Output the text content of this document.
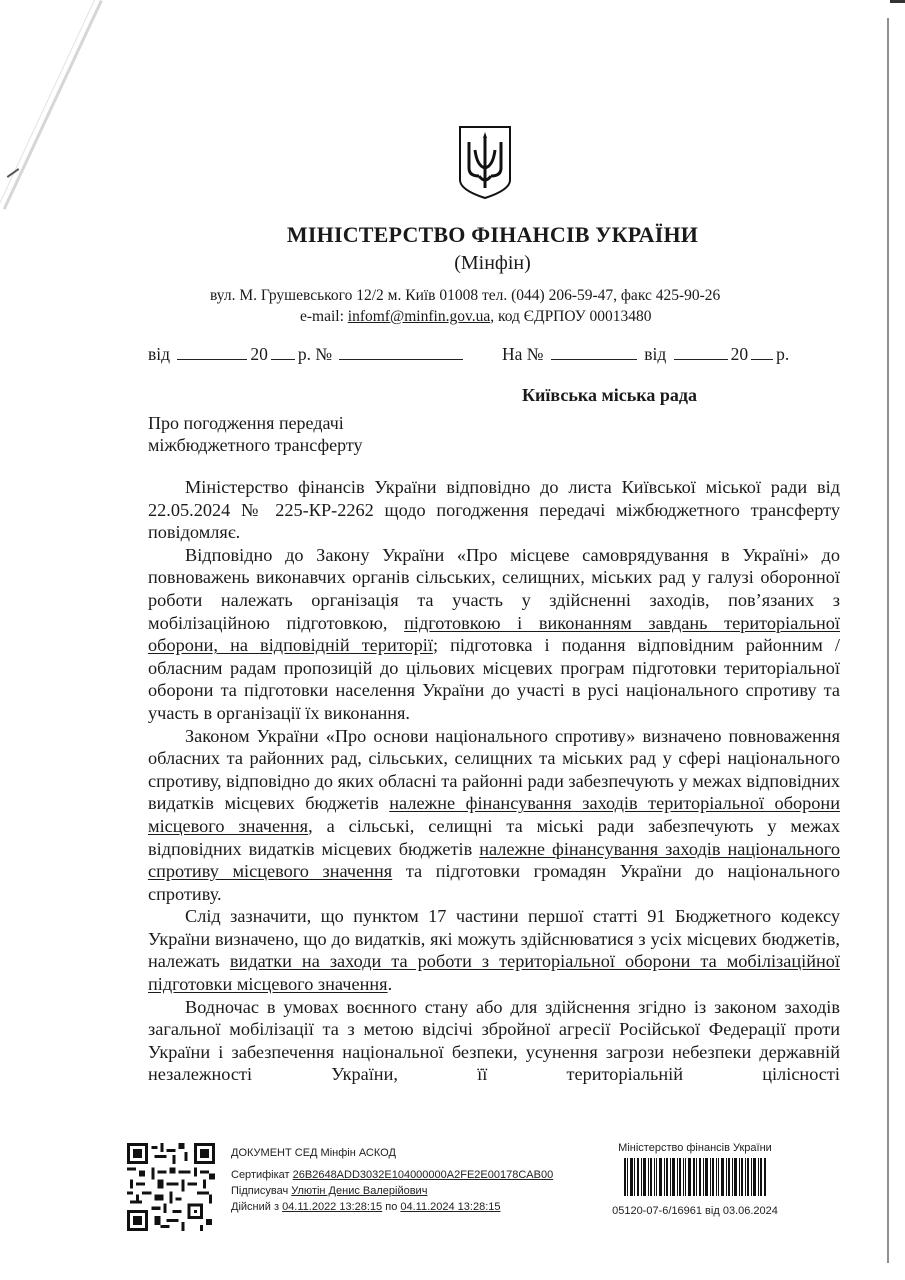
МІНІСТЕРСТВО ФІНАНСІВ УКРАЇНИ
(Мінфін)
вул. М. Грушевського 12/2 м. Київ 01008 тел. (044) 206-59-47, факс 425-90-26
e-mail: infomf@minfin.gov.ua, код ЄДРПОУ 00013480
від	20 р. №	На №	від	20 р.
Київська міська рада
Про погодження передачі
міжбюджетного трансферту

Міністерство фінансів України відповідно до листа Київської міської ради від 22.05.2024 № 225-КР-2262 щодо погодження передачі міжбюджетного трансферту повідомляє.

Відповідно до Закону України «Про місцеве самоврядування в Україні» до повноважень виконавчих органів сільських, селищних, міських рад у галузі оборонної роботи належать організація та участь у здійсненні заходів, пов’язаних з мобілізаційною підготовкою, підготовкою і виконанням завдань територіальної оборони, на відповідній території; підготовка і подання відповідним районним / обласним радам пропозицій до цільових місцевих програм підготовки територіальної оборони та підготовки населення України до участі в русі національного спротиву та участь в організації їх виконання.

Законом України «Про основи національного спротиву» визначено повноваження обласних та районних рад, сільських, селищних та міських рад у сфері національного спротиву, відповідно до яких обласні та районні ради забезпечують у межах відповідних видатків місцевих бюджетів належне фінансування заходів територіальної оборони місцевого значення, а сільські, селищні та міські ради забезпечують у межах відповідних видатків місцевих бюджетів належне фінансування заходів національного спротиву місцевого значення та підготовки громадян України до національного спротиву.

Слід зазначити, що пунктом 17 частини першої статті 91 Бюджетного кодексу України визначено, що до видатків, які можуть здійснюватися з усіх місцевих бюджетів, належать видатки на заходи та роботи з територіальної оборони та мобілізаційної підготовки місцевого значення.

Водночас в умовах воєнного стану або для здійснення згідно із законом заходів загальної мобілізації та з метою відсічі збройної агресії Російської Федерації проти України і забезпечення національної безпеки, усунення загрози небезпеки державній незалежності України, її територіальній цілісності

ДОКУМЕНТ СЕД Мінфін АСКОД
Сертифікат 26B2648ADD3032E104000000A2FE2E00178CAB00
Підписувач Улютін Денис Валерійович
Дійсний з 04.11.2022 13:28:15 по 04.11.2024 13:28:15
Міністерство фінансів України
05120-07-6/16961 від 03.06.2024
